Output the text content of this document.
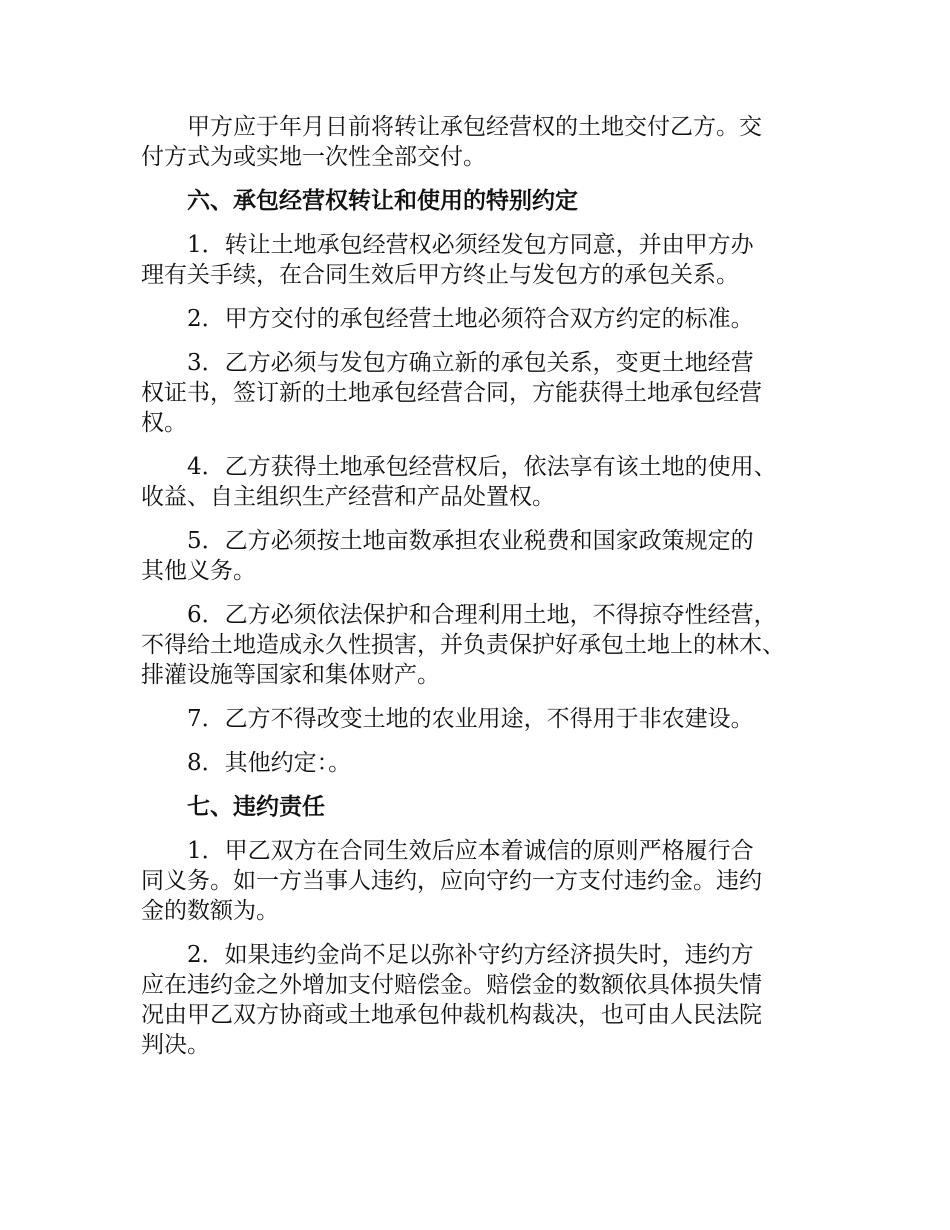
甲方应于年月日前将转让承包经营权的土地交付乙方。交
付方式为或实地一次性全部交付。
六、承包经营权转让和使用的特别约定
1．转让土地承包经营权必须经发包方同意，并由甲方办
理有关手续，在合同生效后甲方终止与发包方的承包关系。
2．甲方交付的承包经营土地必须符合双方约定的标准。
3．乙方必须与发包方确立新的承包关系，变更土地经营
权证书，签订新的土地承包经营合同，方能获得土地承包经营
权。
4．乙方获得土地承包经营权后，依法享有该土地的使用、
收益、自主组织生产经营和产品处置权。
5．乙方必须按土地亩数承担农业税费和国家政策规定的
其他义务。
6．乙方必须依法保护和合理利用土地，不得掠夺性经营，
不得给土地造成永久性损害，并负责保护好承包土地上的林木、
排灌设施等国家和集体财产。
7．乙方不得改变土地的农业用途，不得用于非农建设。
8．其他约定：。
七、违约责任
1．甲乙双方在合同生效后应本着诚信的原则严格履行合
同义务。如一方当事人违约，应向守约一方支付违约金。违约
金的数额为。
2．如果违约金尚不足以弥补守约方经济损失时，违约方
应在违约金之外增加支付赔偿金。赔偿金的数额依具体损失情
况由甲乙双方协商或土地承包仲裁机构裁决，也可由人民法院
判决。
